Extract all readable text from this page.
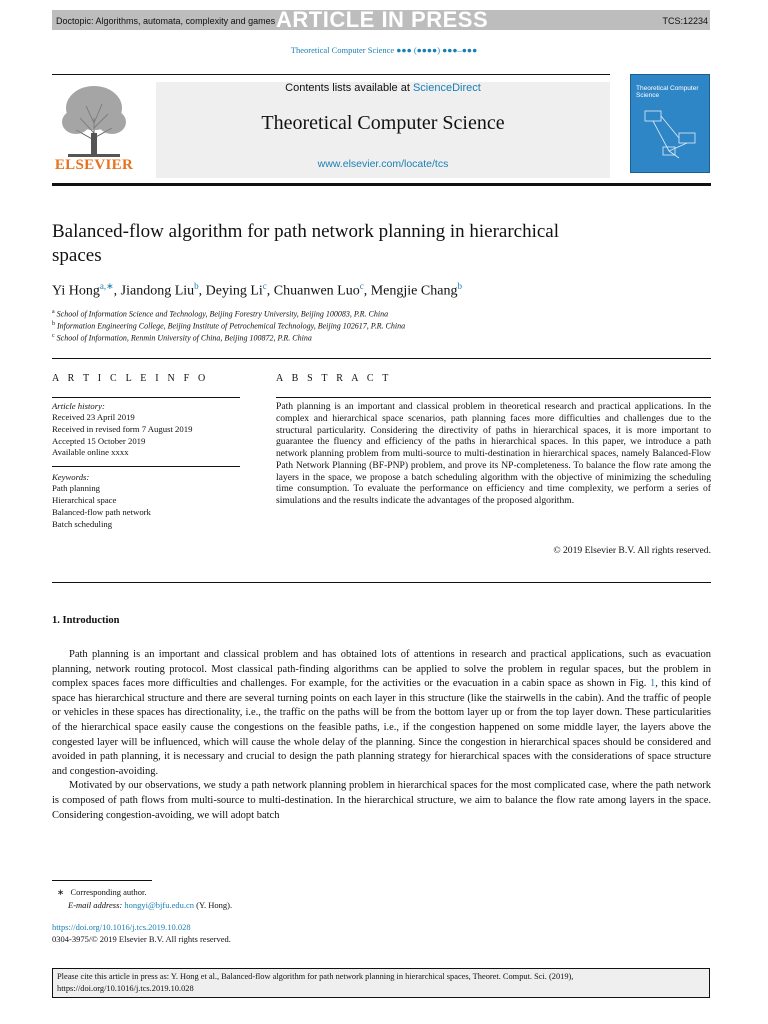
Doctopic: Algorithms, automata, complexity and games ARTICLE IN PRESS	TCS:12234
Theoretical Computer Science ●●● (●●●●) ●●●–●●●
Contents lists available at ScienceDirect
Theoretical Computer Science
www.elsevier.com/locate/tcs
ELSEVIER
Theoretical Computer Science
Balanced-flow algorithm for path network planning in hierarchical spaces
Yi Hong$^{a,∗}$, Jiandong Liu$^b$, Deying Li$^c$, Chuanwen Luo$^c$, Mengjie Chang$^b$
$^a$ School of Information Science and Technology, Beijing Forestry University, Beijing 100083, P.R. China
$^b$ Information Engineering College, Beijing Institute of Petrochemical Technology, Beijing 102617, P.R. China
$^c$ School of Information, Renmin University of China, Beijing 100872, P.R. China
A R T I C L E I N F O	A B S T R A C T
Article history:
Received 23 April 2019
Received in revised form 7 August 2019
Accepted 15 October 2019
Available online xxxx
Keywords:
Path planning
Hierarchical space
Balanced-flow path network
Batch scheduling
Path planning is an important and classical problem in theoretical research and practical applications. In the complex and hierarchical space scenarios, path planning faces more difficulties and challenges due to the structural particularity. Considering the directivity of paths in hierarchical spaces, it is more important to guarantee the fluency and efficiency of the paths in hierarchical spaces. In this paper, we introduce a path network planning problem from multi-source to multi-destination in hierarchical spaces, namely Balanced-Flow Path Network Planning (BF-PNP) problem, and prove its NP-completeness. To balance the flow rate among the layers in the space, we propose a batch scheduling algorithm with the objective of minimizing the scheduling time consumption. To evaluate the performance on efficiency and time complexity, we perform a series of simulations and the results indicate the advantages of the proposed algorithm.
© 2019 Elsevier B.V. All rights reserved.
1. Introduction

Path planning is an important and classical problem and has obtained lots of attentions in research and practical applications, such as evacuation planning, network routing protocol. Most classical path-finding algorithms can be applied to solve the problem in regular spaces, but the problem in complex spaces faces more difficulties and challenges. For example, for the activities or the evacuation in a cabin space as shown in Fig. 1, this kind of space has hierarchical structure and there are several turning points on each layer in this structure (like the stairwells in the cabin). And the traffic of people or vehicles in these spaces has directionality, i.e., the traffic on the paths will be from the bottom layer up or from the top layer down. These particularities of the hierarchical space easily cause the congestions on the feasible paths, i.e., if the congestion happened on some middle layer, the layers above the congested layer will be influenced, which will cause the whole delay of the planning. Since the congestion in hierarchical spaces should be considered and avoided in path planning, it is necessary and crucial to design the path planning strategy for hierarchical spaces with the considerations of space structure and congestion-avoiding.

Motivated by our observations, we study a path network planning problem in hierarchical spaces for the most complicated case, where the path network is composed of path flows from multi-source to multi-destination. In the hierarchical structure, we aim to balance the flow rate among layers in the space. Considering congestion-avoiding, we will adopt batch

∗ Corresponding author.
E-mail address: hongyi@bjfu.edu.cn (Y. Hong).
https://doi.org/10.1016/j.tcs.2019.10.028
0304-3975/© 2019 Elsevier B.V. All rights reserved.
Please cite this article in press as: Y. Hong et al., Balanced-flow algorithm for path network planning in hierarchical spaces, Theoret. Comput. Sci. (2019), https://doi.org/10.1016/j.tcs.2019.10.028
